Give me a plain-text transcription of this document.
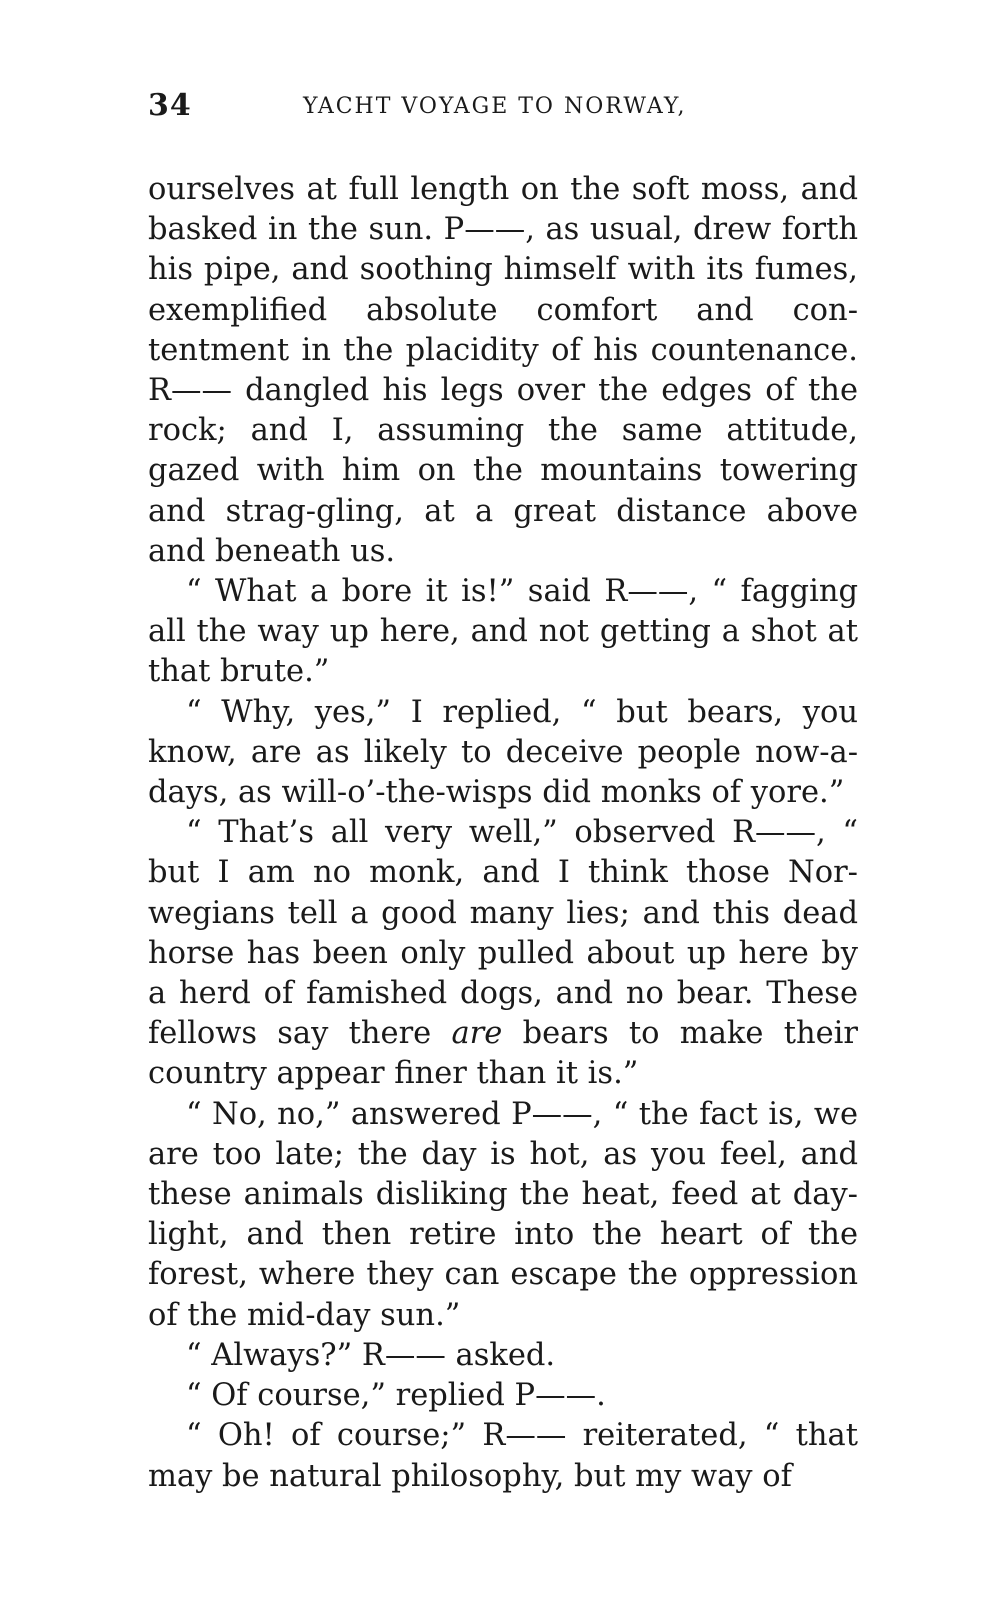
34	YACHT VOYAGE TO NORWAY,

ourselves at full length on the soft moss, and basked in the sun. P——, as usual, drew forth his pipe, and soothing himself with its fumes, exemplified absolute comfort and con-tentment in the placidity of his countenance. R—— dangled his legs over the edges of the rock; and I, assuming the same attitude, gazed with him on the mountains towering and strag-gling, at a great distance above and beneath us.

“ What a bore it is!” said R——, “ fagging all the way up here, and not getting a shot at that brute.”

“ Why, yes,” I replied, “ but bears, you know, are as likely to deceive people now-a-days, as will-o’-the-wisps did monks of yore.”

“ That’s all very well,” observed R——, “ but I am no monk, and I think those Nor-wegians tell a good many lies; and this dead horse has been only pulled about up here by a herd of famished dogs, and no bear. These fellows say there are bears to make their country appear finer than it is.”

“ No, no,” answered P——, “ the fact is, we are too late; the day is hot, as you feel, and these animals disliking the heat, feed at day-light, and then retire into the heart of the forest, where they can escape the oppression of the mid-day sun.”

“ Always?” R—— asked.

“ Of course,” replied P——.

“ Oh! of course;” R—— reiterated, “ that may be natural philosophy, but my way of
